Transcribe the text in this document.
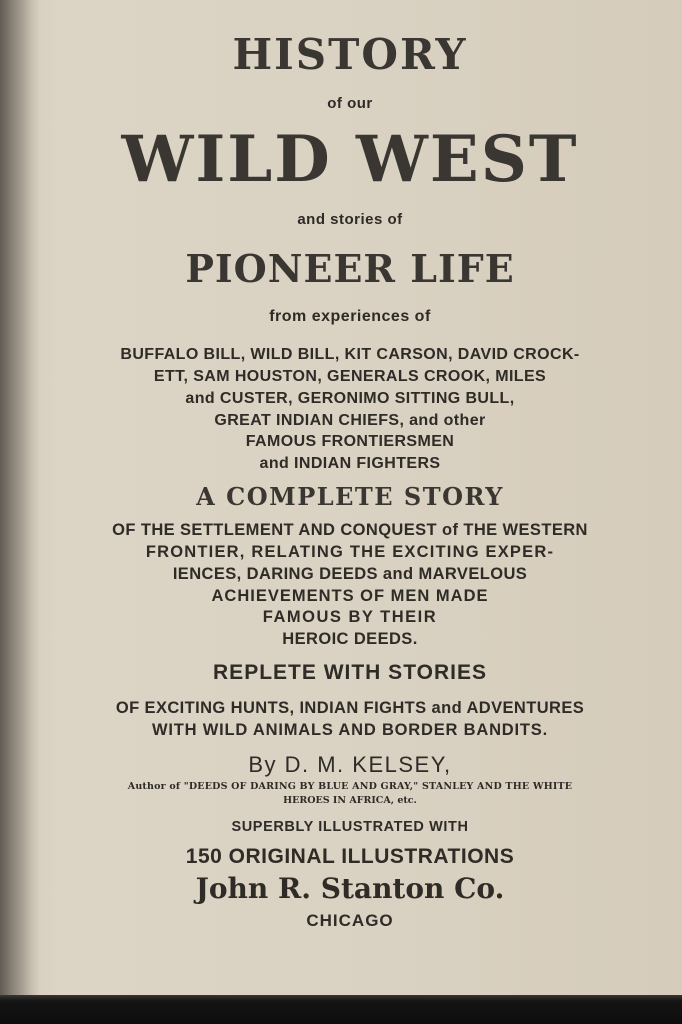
HISTORY
of our
WILD WEST
and stories of
PIONEER LIFE
from experiences of
BUFFALO BILL, WILD BILL, KIT CARSON, DAVID CROCK-
ETT, SAM HOUSTON, GENERALS CROOK, MILES
and CUSTER, GERONIMO SITTING BULL,
GREAT INDIAN CHIEFS, and other
FAMOUS FRONTIERSMEN
and INDIAN FIGHTERS
A COMPLETE STORY
OF THE SETTLEMENT AND CONQUEST of THE WESTERN
FRONTIER, RELATING THE EXCITING EXPER-
IENCES, DARING DEEDS and MARVELOUS
ACHIEVEMENTS OF MEN MADE
FAMOUS BY THEIR
HEROIC DEEDS.
REPLETE WITH STORIES
OF EXCITING HUNTS, INDIAN FIGHTS and ADVENTURES
WITH WILD ANIMALS AND BORDER BANDITS.
By D. M. KELSEY,
Author of "DEEDS OF DARING BY BLUE AND GRAY," STANLEY AND THE WHITE
HEROES IN AFRICA, etc.
SUPERBLY ILLUSTRATED WITH
150 ORIGINAL ILLUSTRATIONS
John R. Stanton Co.
CHICAGO
